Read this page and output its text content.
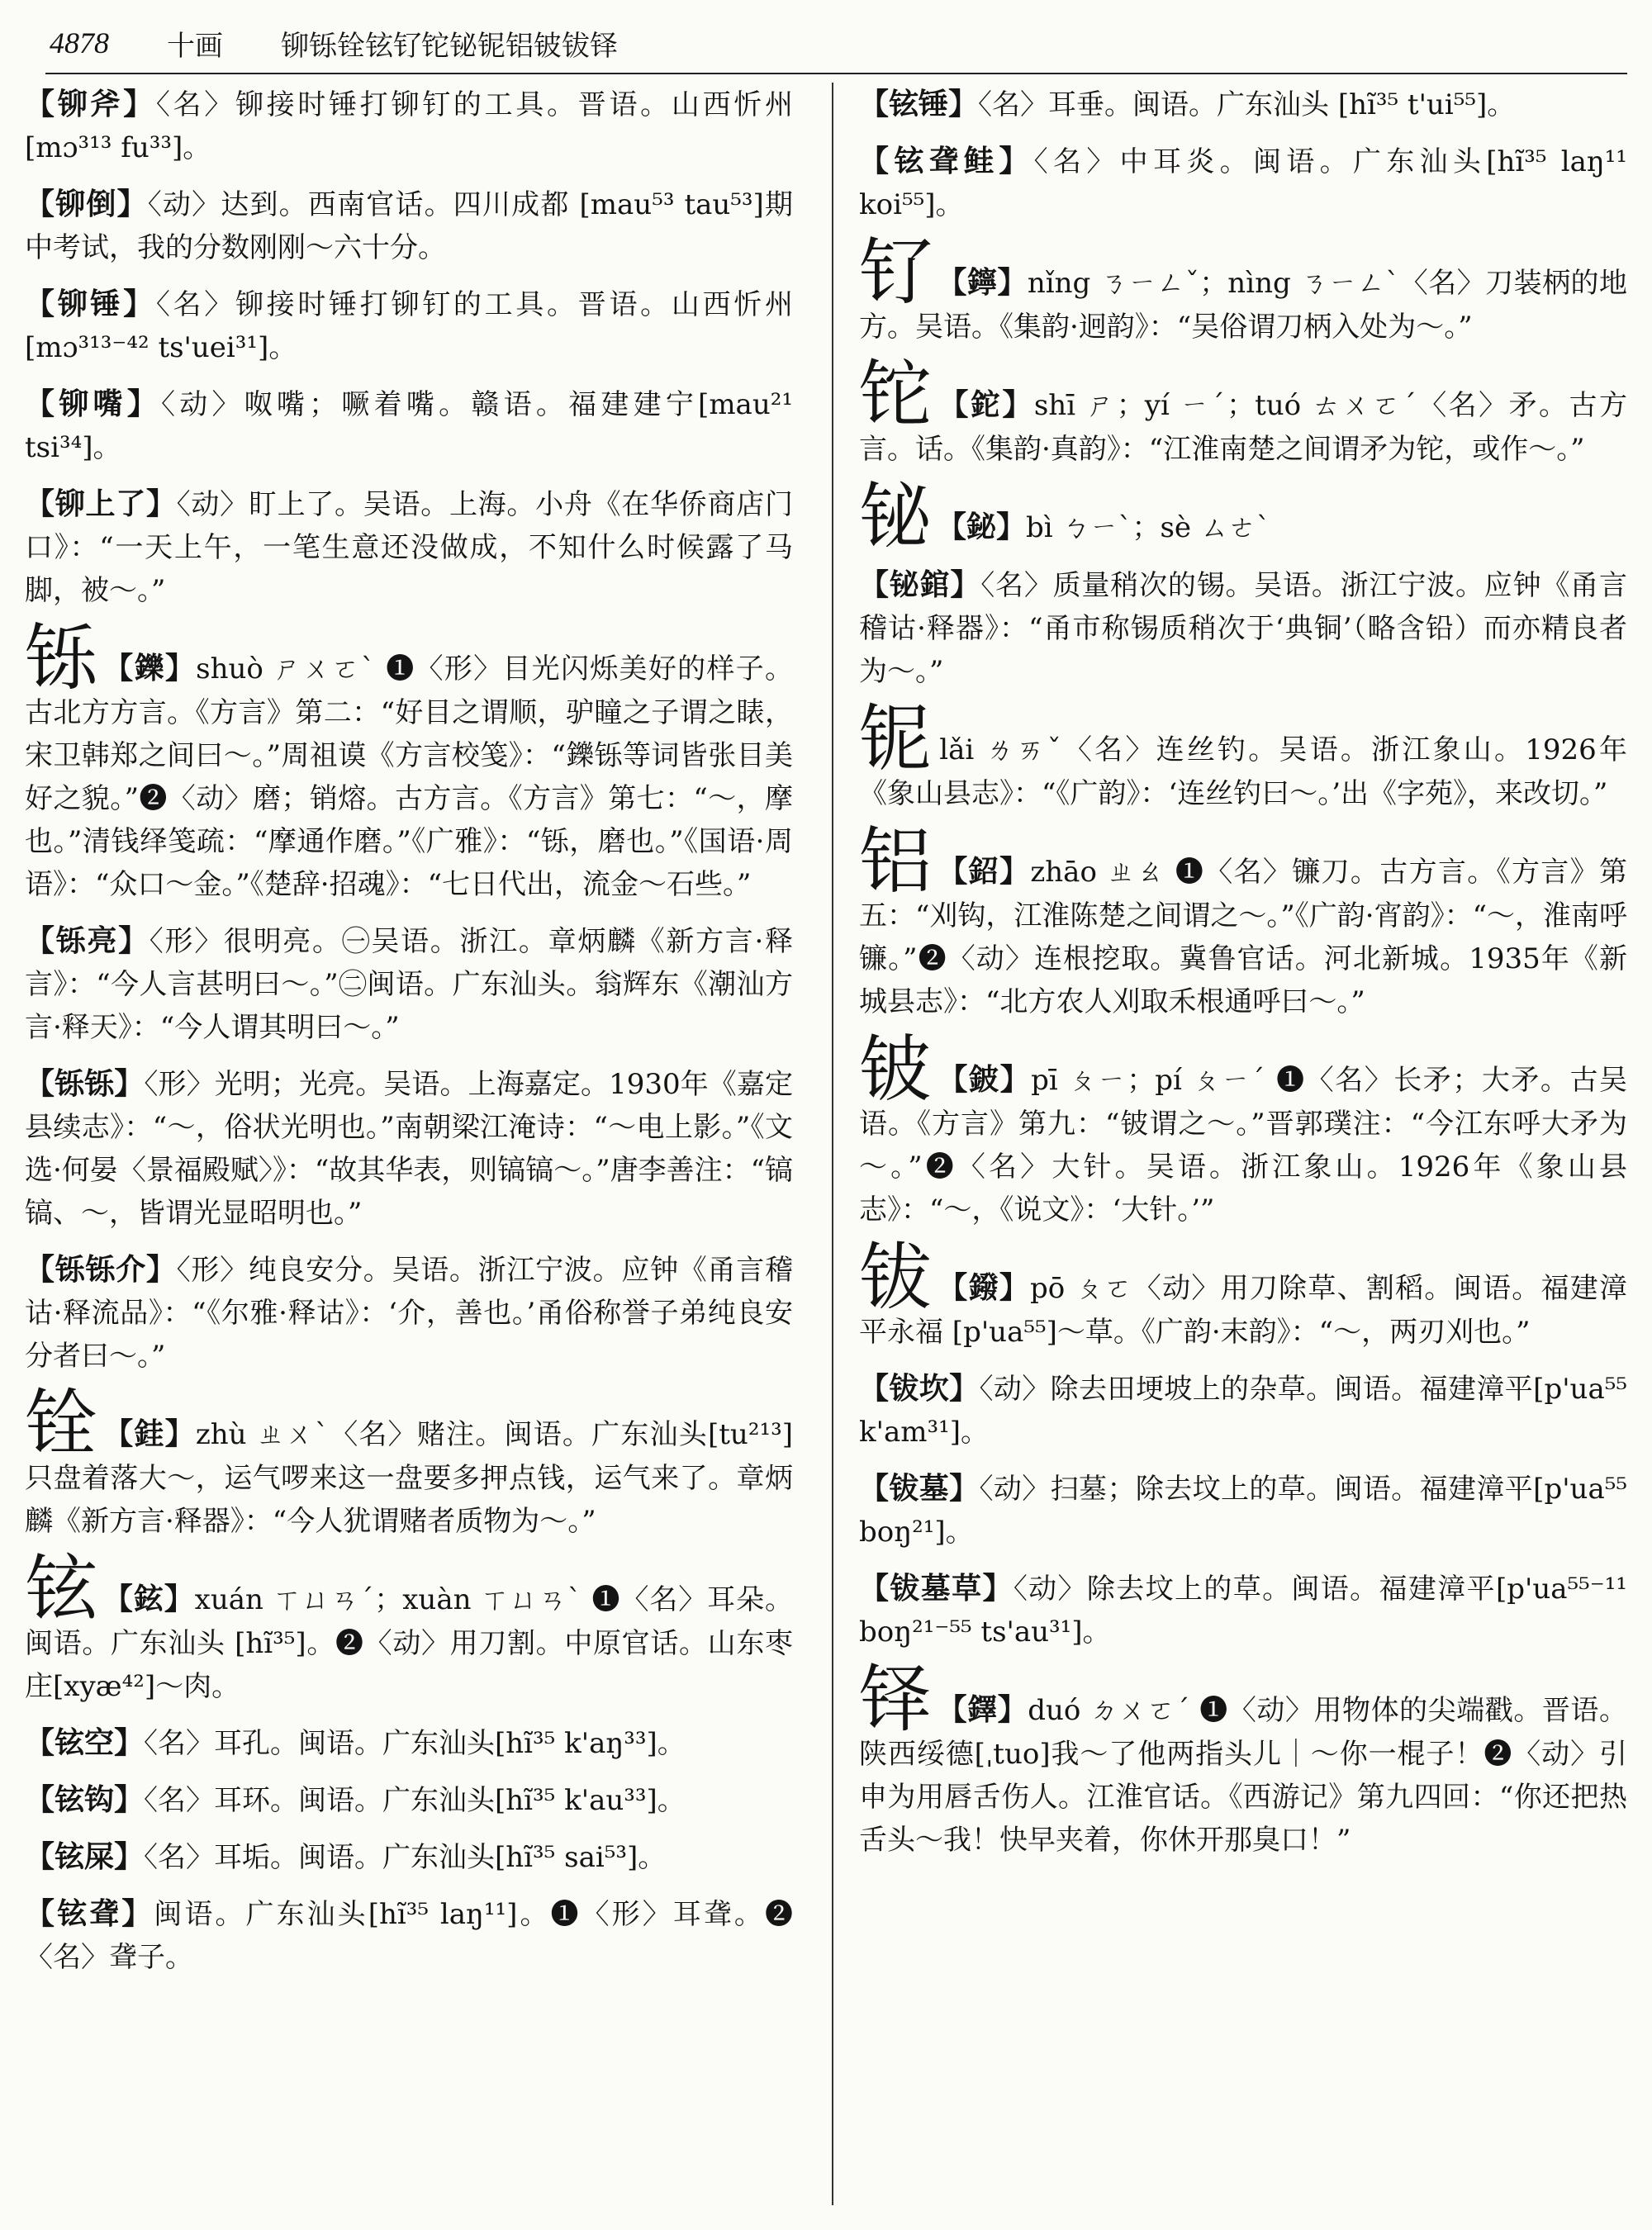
4878 十画 铆铄铨铉钌铊铋铌铝铍钹铎

【铆斧】〈名〉铆接时锤打铆钉的工具。晋语。山西忻州[mɔ³¹³ fu³³]。

【铆倒】〈动〉达到。西南官话。四川成都 [mau⁵³ tau⁵³]期中考试，我的分数刚刚～六十分。

【铆锤】〈名〉铆接时锤打铆钉的工具。晋语。山西忻州[mɔ³¹³⁻⁴² ts'uei³¹]。

【铆嘴】〈动〉呶嘴；噘着嘴。赣语。福建建宁[mau²¹ tsi³⁴]。

【铆上了】〈动〉盯上了。吴语。上海。小舟《在华侨商店门口》：“一天上午，一笔生意还没做成，不知什么时候露了马脚，被～。”

铄 【鑠】shuò ㄕㄨㄛˋ ❶〈形〉目光闪烁美好的样子。古北方方言。《方言》第二：“好目之谓顺，驴瞳之子谓之䁃，宋卫韩郑之间曰～。”周祖谟《方言校笺》：“鑠铄等词皆张目美好之貌。”❷〈动〉磨；销熔。古方言。《方言》第七：“～，摩也。”清钱绎笺疏：“摩通作磨。”《广雅》：“铄，磨也。”《国语·周语》：“众口～金。”《楚辞·招魂》：“七日代出，流金～石些。”

【铄亮】〈形〉很明亮。㊀吴语。浙江。章炳麟《新方言·释言》：“今人言甚明曰～。”㊁闽语。广东汕头。翁辉东《潮汕方言·释天》：“今人谓其明曰～。”

【铄铄】〈形〉光明；光亮。吴语。上海嘉定。1930年《嘉定县续志》：“～，俗状光明也。”南朝梁江淹诗：“～电上影。”《文选·何晏〈景福殿赋〉》：“故其华表，则镐镐～。”唐李善注：“镐镐、～，皆谓光显昭明也。”

【铄铄介】〈形〉纯良安分。吴语。浙江宁波。应钟《甬言稽诂·释流品》：“《尔雅·释诂》：‘介，善也。’甬俗称誉子弟纯良安分者曰～。”

铨 【銈】zhù ㄓㄨˋ〈名〉赌注。闽语。广东汕头[tu²¹³]只盘着落大～，运气啰来这一盘要多押点钱，运气来了。章炳麟《新方言·释器》：“今人犹谓赌者质物为～。”

铉 【鉉】xuán ㄒㄩㄢˊ；xuàn ㄒㄩㄢˋ ❶〈名〉耳朵。闽语。广东汕头 [hĩ³⁵]。❷〈动〉用刀割。中原官话。山东枣庄[xyæ⁴²]～肉。

【铉空】〈名〉耳孔。闽语。广东汕头[hĩ³⁵ k'aŋ³³]。

【铉钩】〈名〉耳环。闽语。广东汕头[hĩ³⁵ k'au³³]。

【铉屎】〈名〉耳垢。闽语。广东汕头[hĩ³⁵ sai⁵³]。

【铉聋】闽语。广东汕头[hĩ³⁵ laŋ¹¹]。❶〈形〉耳聋。❷〈名〉聋子。

【铉锤】〈名〉耳垂。闽语。广东汕头 [hĩ³⁵ t'ui⁵⁵]。

【铉聋鲑】〈名〉中耳炎。闽语。广东汕头[hĩ³⁵ laŋ¹¹ koi⁵⁵]。

钌 【鑏】nǐng ㄋㄧㄥˇ；nìng ㄋㄧㄥˋ〈名〉刀装柄的地方。吴语。《集韵·迥韵》：“吴俗谓刀柄入处为～。”

铊 【鉈】shī ㄕ；yí ㄧˊ；tuó ㄊㄨㄛˊ〈名〉矛。古方言。话。《集韵·真韵》：“江淮南楚之间谓矛为铊，或作～。”

铋 【鉍】bì ㄅㄧˋ；sè ㄙㄜˋ

【铋錧】〈名〉质量稍次的锡。吴语。浙江宁波。应钟《甬言稽诂·释器》：“甬市称锡质稍次于‘典铜’（略含铅）而亦精良者为～。”

铌lǎi ㄌㄞˇ〈名〉连丝钓。吴语。浙江象山。1926年《象山县志》：“《广韵》：‘连丝钓曰～。’出《字苑》，来改切。”

铝 【鉊】zhāo ㄓㄠ ❶〈名〉镰刀。古方言。《方言》第五：“刈钩，江淮陈楚之间谓之～。”《广韵·宵韵》：“～，淮南呼镰。”❷〈动〉连根挖取。冀鲁官话。河北新城。1935年《新城县志》：“北方农人刈取禾根通呼曰～。”

铍 【鈹】pī ㄆㄧ；pí ㄆㄧˊ ❶〈名〉长矛；大矛。古吴语。《方言》第九：“铍谓之～。”晋郭璞注：“今江东呼大矛为～。”❷〈名〉大针。吴语。浙江象山。1926年《象山县志》：“～，《说文》：‘大针。’”

钹 【鏺】pō ㄆㄛ〈动〉用刀除草、割稻。闽语。福建漳平永福 [p'ua⁵⁵]～草。《广韵·末韵》：“～，两刃刈也。”

【钹坎】〈动〉除去田埂坡上的杂草。闽语。福建漳平[p'ua⁵⁵ k'am³¹]。

【钹墓】〈动〉扫墓；除去坟上的草。闽语。福建漳平[p'ua⁵⁵ boŋ²¹]。

【钹墓草】〈动〉除去坟上的草。闽语。福建漳平[p'ua⁵⁵⁻¹¹ boŋ²¹⁻⁵⁵ ts'au³¹]。

铎 【鐸】duó ㄉㄨㄛˊ ❶〈动〉用物体的尖端戳。晋语。陕西绥德[ˌtuo]我～了他两指头儿｜～你一棍子！❷〈动〉引申为用唇舌伤人。江淮官话。《西游记》第九四回：“你还把热舌头～我！快早夹着，你休开那臭口！”
